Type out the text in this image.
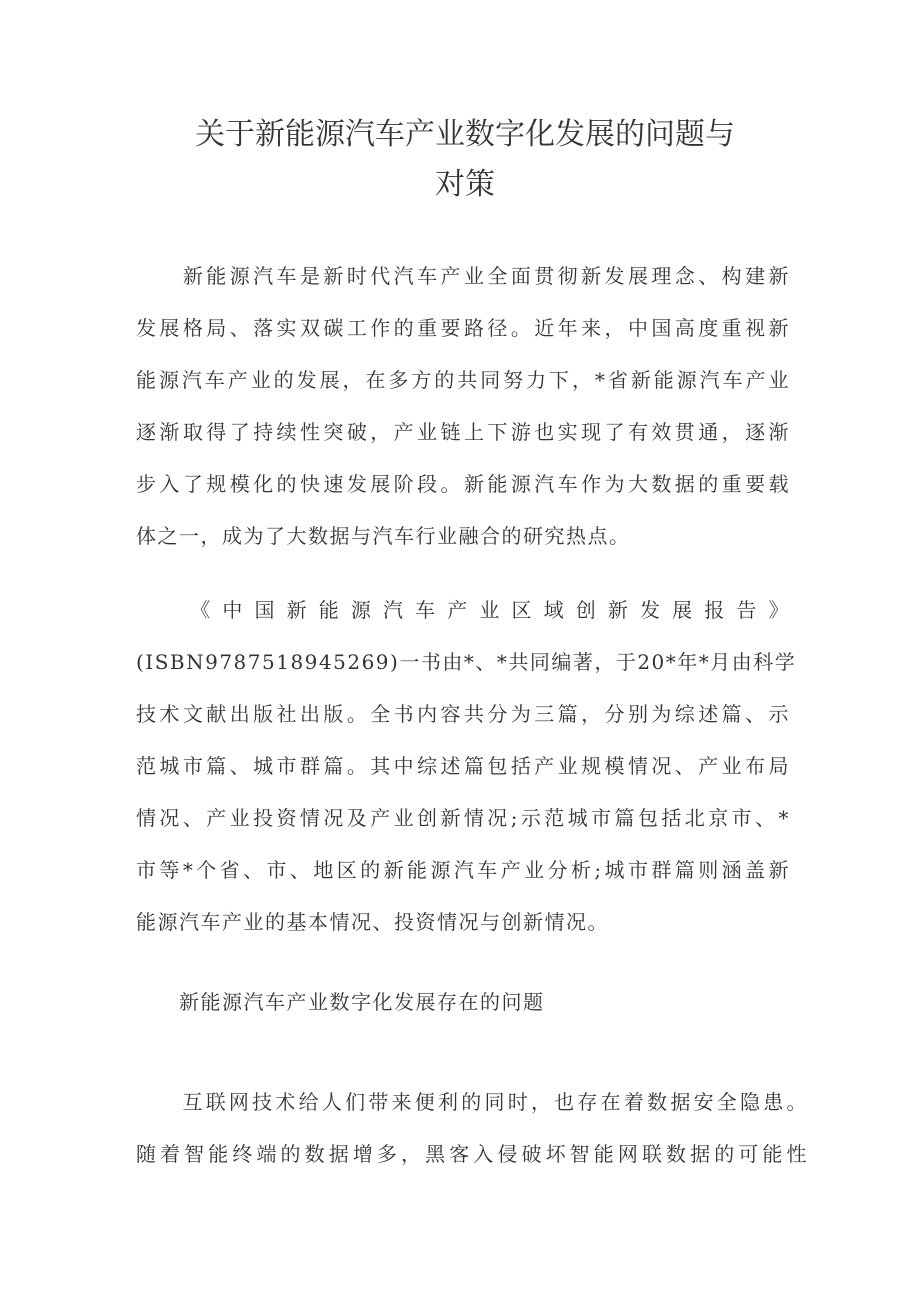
关于新能源汽车产业数字化发展的问题与
对策
　　新能源汽车是新时代汽车产业全面贯彻新发展理念、构建新
发展格局、落实双碳工作的重要路径。近年来，中国高度重视新
能源汽车产业的发展，在多方的共同努力下，*省新能源汽车产业
逐渐取得了持续性突破，产业链上下游也实现了有效贯通，逐渐
步入了规模化的快速发展阶段。新能源汽车作为大数据的重要载
体之一，成为了大数据与汽车行业融合的研究热点。
　　《中国新能源汽车产业区域创新发展报告》
(ISBN9787518945269)一书由*、*共同编著，于20*年*月由科学
技术文献出版社出版。全书内容共分为三篇，分别为综述篇、示
范城市篇、城市群篇。其中综述篇包括产业规模情况、产业布局
情况、产业投资情况及产业创新情况;示范城市篇包括北京市、*
市等*个省、市、地区的新能源汽车产业分析;城市群篇则涵盖新
能源汽车产业的基本情况、投资情况与创新情况。
　　新能源汽车产业数字化发展存在的问题
　　互联网技术给人们带来便利的同时，也存在着数据安全隐患。
随着智能终端的数据增多，黑客入侵破坏智能网联数据的可能性
